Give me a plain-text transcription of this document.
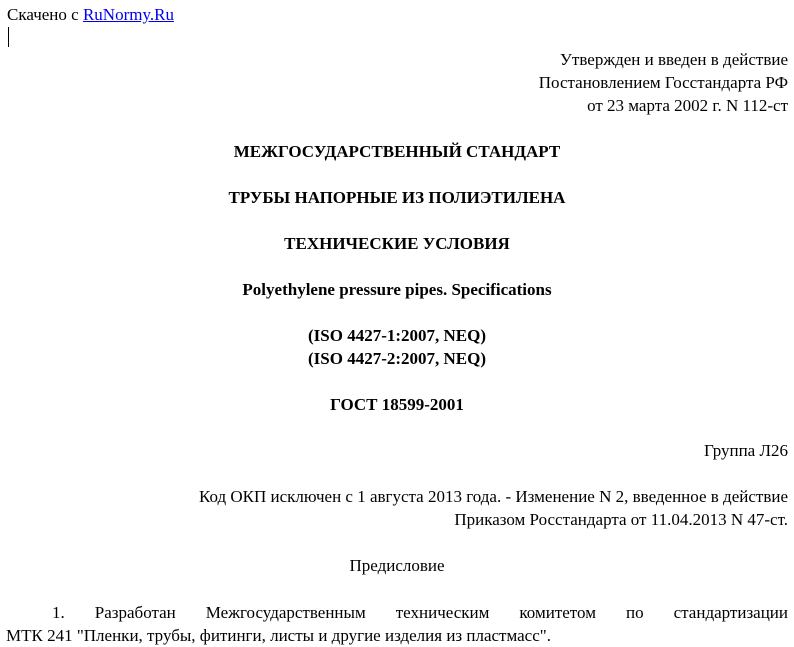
Скачено с RuNormy.Ru
Утвержден и введен в действие
Постановлением Госстандарта РФ
от 23 марта 2002 г. N 112-ст
МЕЖГОСУДАРСТВЕННЫЙ СТАНДАРТ
ТРУБЫ НАПОРНЫЕ ИЗ ПОЛИЭТИЛЕНА
ТЕХНИЧЕСКИЕ УСЛОВИЯ
Polyethylene pressure pipes. Specifications
(ISO 4427-1:2007, NEQ)
(ISO 4427-2:2007, NEQ)
ГОСТ 18599-2001
Группа Л26
Код ОКП исключен с 1 августа 2013 года. - Изменение N 2, введенное в действие
Приказом Росстандарта от 11.04.2013 N 47-ст.
Предисловие
1. Разработан Межгосударственным техническим комитетом по стандартизации
МТК 241 "Пленки, трубы, фитинги, листы и другие изделия из пластмасс".
